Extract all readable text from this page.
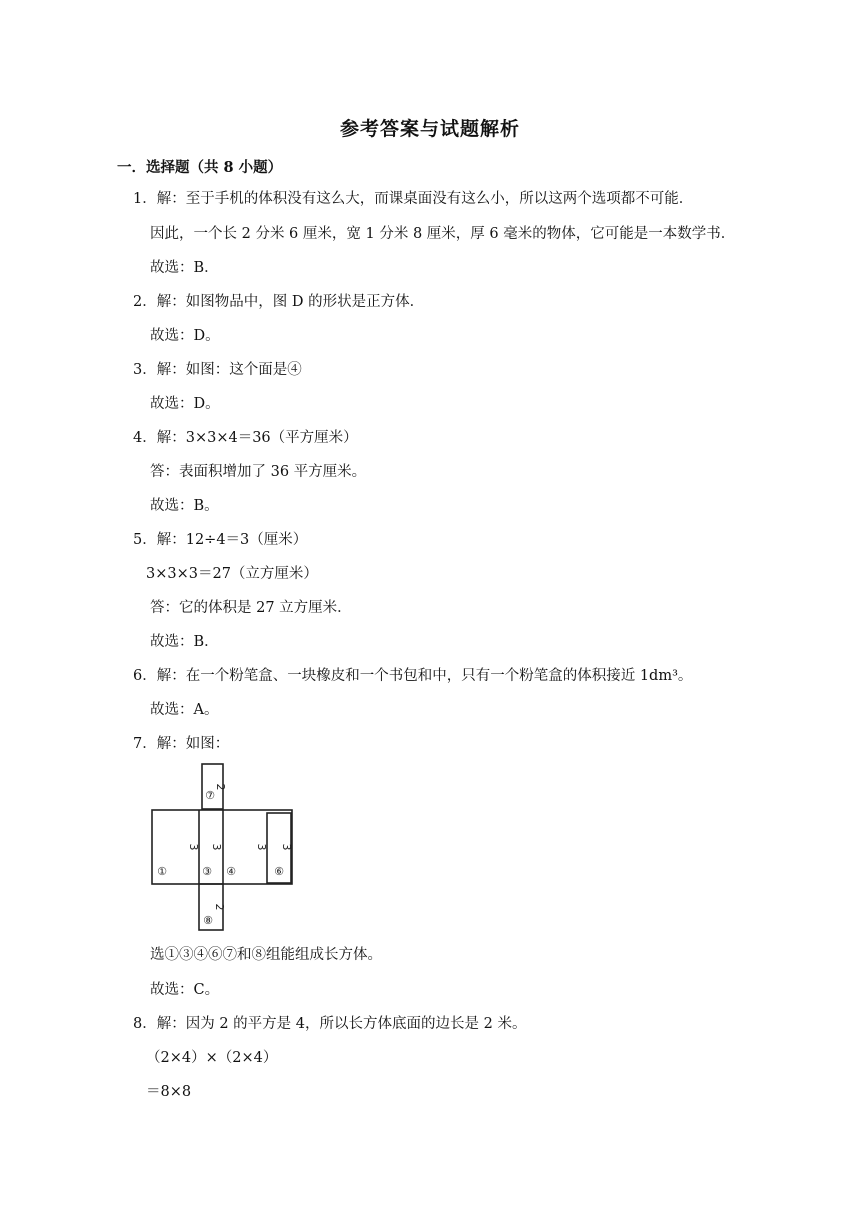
参考答案与试题解析
一．选择题（共 8 小题）
1．解：至于手机的体积没有这么大，而课桌面没有这么小，所以这两个选项都不可能．
因此，一个长 2 分米 6 厘米，宽 1 分米 8 厘米，厚 6 毫米的物体，它可能是一本数学书．
故选：B．
2．解：如图物品中，图 D 的形状是正方体．
故选：D。
3．解：如图：这个面是④
故选：D。
4．解：3×3×4＝36（平方厘米）
答：表面积增加了 36 平方厘米。
故选：B。
5．解：12÷4＝3（厘米）
3×3×3＝27（立方厘米）
答：它的体积是 27 立方厘米．
故选：B．
6．解：在一个粉笔盒、一块橡皮和一个书包和中，只有一个粉笔盒的体积接近 1dm³。
故选：A。
7．解：如图：
⑦
2
3
①
3
③ ④
3 3
⑥
2
⑧
选①③④⑥⑦和⑧组能组成长方体。
故选：C。
8．解：因为 2 的平方是 4，所以长方体底面的边长是 2 米。
（2×4）×（2×4）
＝8×8
